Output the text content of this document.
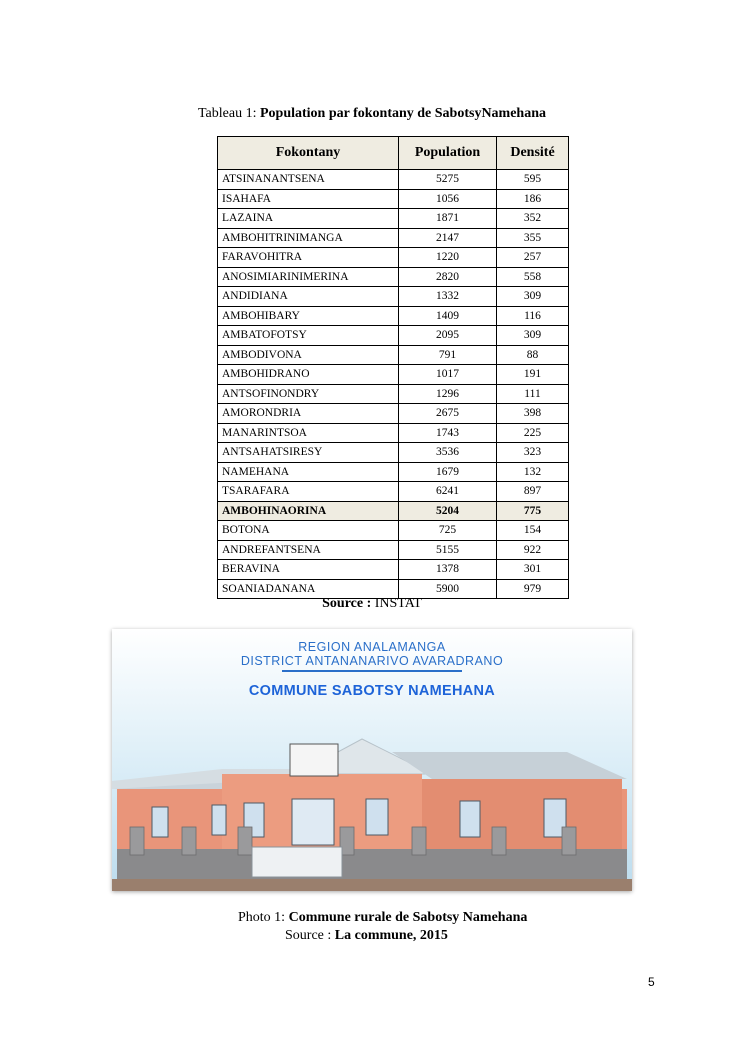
Tableau 1: Population par fokontany de SabotsyNamehana
Fokontany	Population	Densité
ATSINANANTSENA	5275	595
ISAHAFA	1056	186
LAZAINA	1871	352
AMBOHITRINIMANGA	2147	355
FARAVOHITRA	1220	257
ANOSIMIARINIMERINA	2820	558
ANDIDIANA	1332	309
AMBOHIBARY	1409	116
AMBATOFOTSY	2095	309
AMBODIVONA	791	88
AMBOHIDRANO	1017	191
ANTSOFINONDRY	1296	111
AMORONDRIA	2675	398
MANARINTSOA	1743	225
ANTSAHATSIRESY	3536	323
NAMEHANA	1679	132
TSARAFARA	6241	897
AMBOHINAORINA	5204	775
BOTONA	725	154
ANDREFANTSENA	5155	922
BERAVINA	1378	301
SOANIADANANA	5900	979
Source : INSTAT
REGION ANALAMANGA
DISTRICT ANTANANARIVO AVARADRANO
COMMUNE SABOTSY NAMEHANA
Photo 1: Commune rurale de Sabotsy Namehana
Source : La commune, 2015
5
